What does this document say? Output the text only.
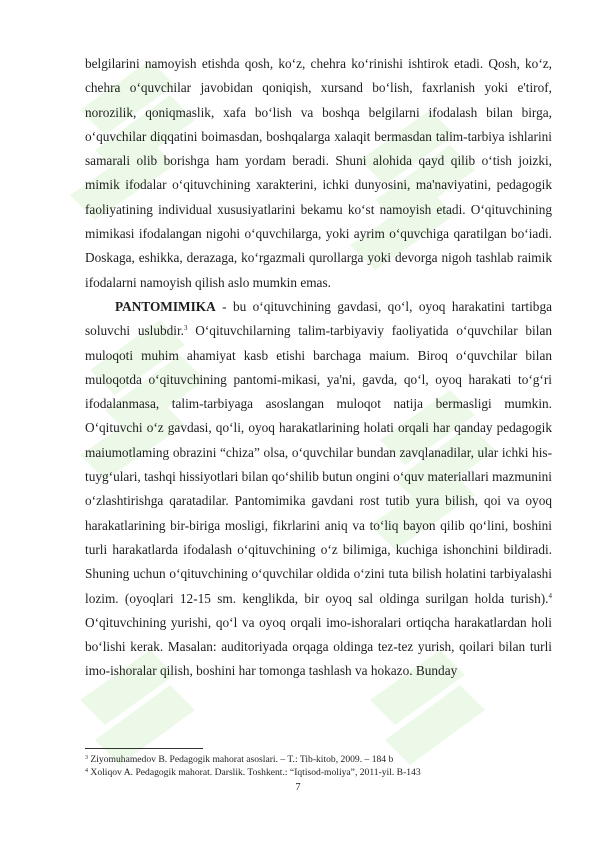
belgilarini namoyish etishda qosh, ko‘z, chehra ko‘rinishi ishtirok etadi. Qosh, ko‘z, chehra o‘quvchilar javobidan qoniqish, xursand bo‘lish, faxrlanish yoki e'tirof, norozilik, qoniqmaslik, xafa bo‘lish va boshqa belgilarni ifodalash bilan birga, o‘quvchilar diqqatini boimasdan, boshqalarga xalaqit bermasdan talim-tarbiya ishlarini samarali olib borishga ham yordam beradi. Shuni alohida qayd qilib o‘tish joizki, mimik ifodalar o‘qituvchining xarakterini, ichki dunyosini, ma'naviyatini, pedagogik faoliyatining individual xususiyatlarini bekamu ko‘st namoyish etadi. O‘qituvchining mimikasi ifodalangan nigohi o‘quvchilarga, yoki ayrim o‘quvchiga qaratilgan bo‘iadi. Doskaga, eshikka, derazaga, ko‘rgazmali qurollarga yoki devorga nigoh tashlab raimik ifodalarni namoyish qilish aslo mumkin emas.

PANTOMIMIKA - bu o‘qituvchining gavdasi, qo‘l, oyoq harakatini tartibga soluvchi uslubdir.$^3$ O‘qituvchilarning talim-tarbiyaviy faoliyatida o‘quvchilar bilan muloqoti muhim ahamiyat kasb etishi barchaga maium. Biroq o‘quvchilar bilan muloqotda o‘qituvchining pantomi-mikasi, ya'ni, gavda, qo‘l, oyoq harakati to‘g‘ri ifodalanmasa, talim-tarbiyaga asoslangan muloqot natija bermasligi mumkin. O‘qituvchi o‘z gavdasi, qo‘li, oyoq harakatlarining holati orqali har qanday pedagogik maiumotlaming obrazini “chiza” olsa, o‘quvchilar bundan zavqlanadilar, ular ichki his-tuyg‘ulari, tashqi hissiyotlari bilan qo‘shilib butun ongini o‘quv materiallari mazmunini o‘zlashtirishga qaratadilar. Pantomimika gavdani rost tutib yura bilish, qoi va oyoq harakatlarining bir-biriga mosligi, fikrlarini aniq va to‘liq bayon qilib qo‘lini, boshini turli harakatlarda ifodalash o‘qituvchining o‘z bilimiga, kuchiga ishonchini bildiradi. Shuning uchun o‘qituvchining o‘quvchilar oldida o‘zini tuta bilish holatini tarbiyalashi lozim. (oyoqlari 12-15 sm. kenglikda, bir oyoq sal oldinga surilgan holda turish).$^4$ O‘qituvchining yurishi, qo‘l va oyoq orqali imo-ishoralari ortiqcha harakatlardan holi bo‘lishi kerak. Masalan: auditoriyada orqaga oldinga tez-tez yurish, qoilari bilan turli imo-ishoralar qilish, boshini har tomonga tashlash va hokazo. Bunday

$^3$ Ziyomuhamedov B. Pedagogik mahorat asoslari. – T.: Tib-kitob, 2009. – 184 b

$^4$ Xoliqov A. Pedagogik mahorat. Darslik. Toshkent.: “Iqtisod-moliya”, 2011-yil. B-143

7
